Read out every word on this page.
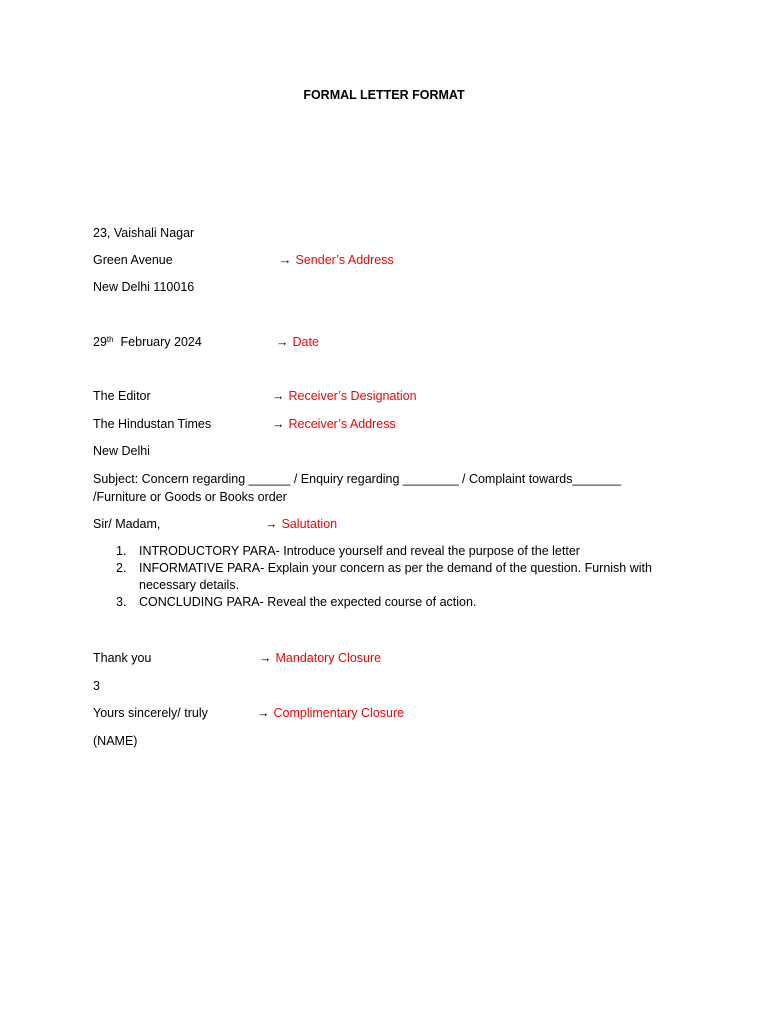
FORMAL LETTER FORMAT
23, Vaishali Nagar
Green Avenue	→ Sender’s Address
New Delhi 110016
29th February 2024	→ Date
The Editor	→ Receiver’s Designation
The Hindustan Times	→ Receiver’s Address
New Delhi
Subject: Concern regarding ______ / Enquiry regarding ________ / Complaint towards_______
/Furniture or Goods or Books order
Sir/ Madam,	→ Salutation
1. INTRODUCTORY PARA- Introduce yourself and reveal the purpose of the letter
2. INFORMATIVE PARA- Explain your concern as per the demand of the question. Furnish with necessary details.
3. CONCLUDING PARA- Reveal the expected course of action.
Thank you	→ Mandatory Closure
3
Yours sincerely/ truly	→ Complimentary Closure
(NAME)
